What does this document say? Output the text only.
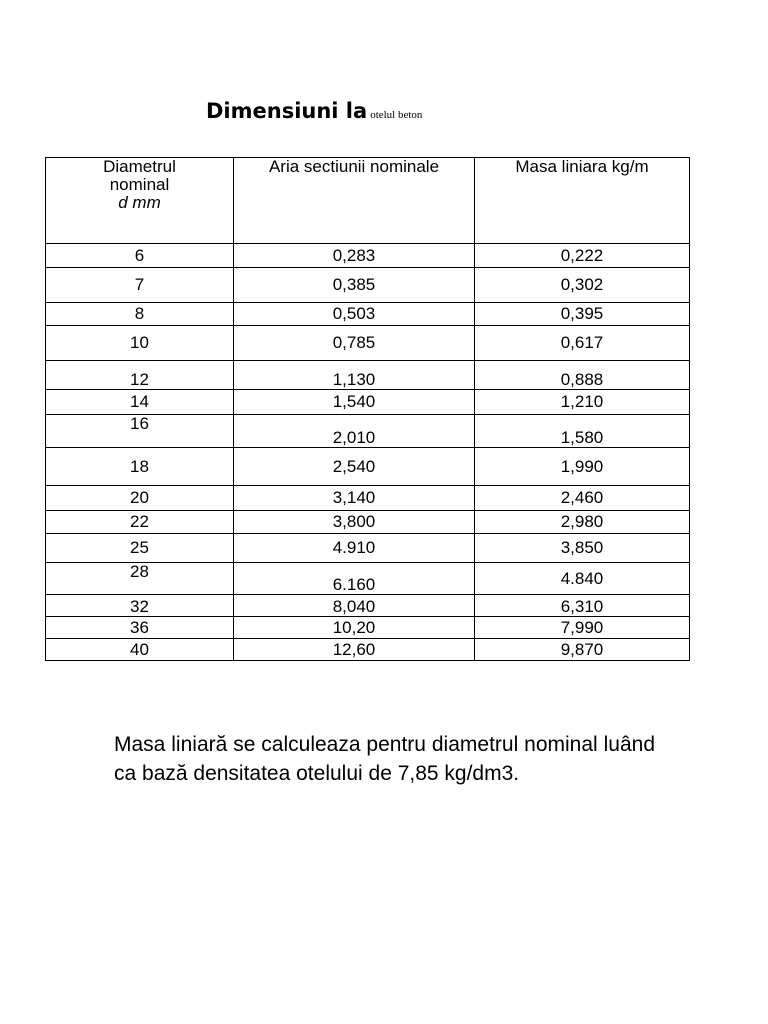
Dimensiuni la otelul beton
Diametrul
nominal
d mm	Aria sectiunii nominale	Masa liniara kg/m
6	0,283	0,222
7	0,385	0,302
8	0,503	0,395
10	0,785	0,617
12	1,130	0,888
14	1,540	1,210
16	2,010	1,580
18	2,540	1,990
20	3,140	2,460
22	3,800	2,980
25	4.910	3,850
28	6.160	4.840
32	8,040	6,310
36	10,20	7,990
40	12,60	9,870

Masa liniară se calculeaza pentru diametrul nominal luând ca bază densitatea otelului de 7,85 kg/dm3.
